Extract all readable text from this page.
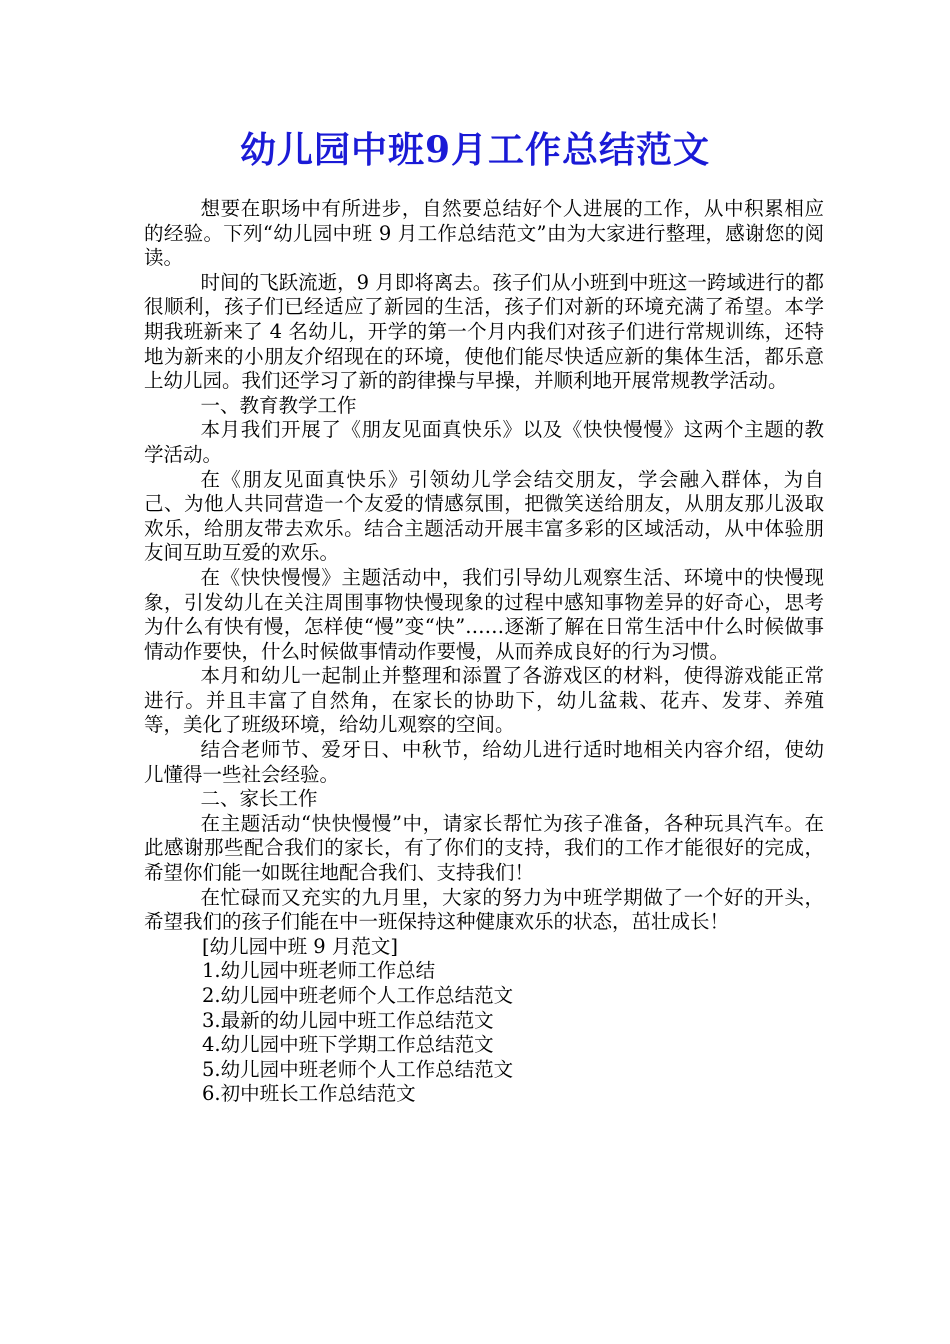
幼儿园中班9月工作总结范文

想要在职场中有所进步，自然要总结好个人进展的工作，从中积累相应的经验。下列“幼儿园中班 9 月工作总结范文”由为大家进行整理，感谢您的阅读。

时间的飞跃流逝，9 月即将离去。孩子们从小班到中班这一跨域进行的都很顺利，孩子们已经适应了新园的生活，孩子们对新的环境充满了希望。本学期我班新来了 4 名幼儿，开学的第一个月内我们对孩子们进行常规训练，还特地为新来的小朋友介绍现在的环境，使他们能尽快适应新的集体生活，都乐意上幼儿园。我们还学习了新的韵律操与早操，并顺利地开展常规教学活动。

一、教育教学工作

本月我们开展了《朋友见面真快乐》以及《快快慢慢》这两个主题的教学活动。

在《朋友见面真快乐》引领幼儿学会结交朋友，学会融入群体，为自己、为他人共同营造一个友爱的情感氛围，把微笑送给朋友，从朋友那儿汲取欢乐，给朋友带去欢乐。结合主题活动开展丰富多彩的区域活动，从中体验朋友间互助互爱的欢乐。

在《快快慢慢》主题活动中，我们引导幼儿观察生活、环境中的快慢现象，引发幼儿在关注周围事物快慢现象的过程中感知事物差异的好奇心，思考为什么有快有慢，怎样使“慢”变“快”……逐渐了解在日常生活中什么时候做事情动作要快，什么时候做事情动作要慢，从而养成良好的行为习惯。

本月和幼儿一起制止并整理和添置了各游戏区的材料，使得游戏能正常进行。并且丰富了自然角，在家长的协助下，幼儿盆栽、花卉、发芽、养殖等，美化了班级环境，给幼儿观察的空间。

结合老师节、爱牙日、中秋节，给幼儿进行适时地相关内容介绍，使幼儿懂得一些社会经验。

二、家长工作

在主题活动“快快慢慢”中，请家长帮忙为孩子准备，各种玩具汽车。在此感谢那些配合我们的家长，有了你们的支持，我们的工作才能很好的完成，希望你们能一如既往地配合我们、支持我们！

在忙碌而又充实的九月里，大家的努力为中班学期做了一个好的开头，希望我们的孩子们能在中一班保持这种健康欢乐的状态，茁壮成长！

[幼儿园中班 9 月范文]
1.幼儿园中班老师工作总结
2.幼儿园中班老师个人工作总结范文
3.最新的幼儿园中班工作总结范文
4.幼儿园中班下学期工作总结范文
5.幼儿园中班老师个人工作总结范文
6.初中班长工作总结范文
